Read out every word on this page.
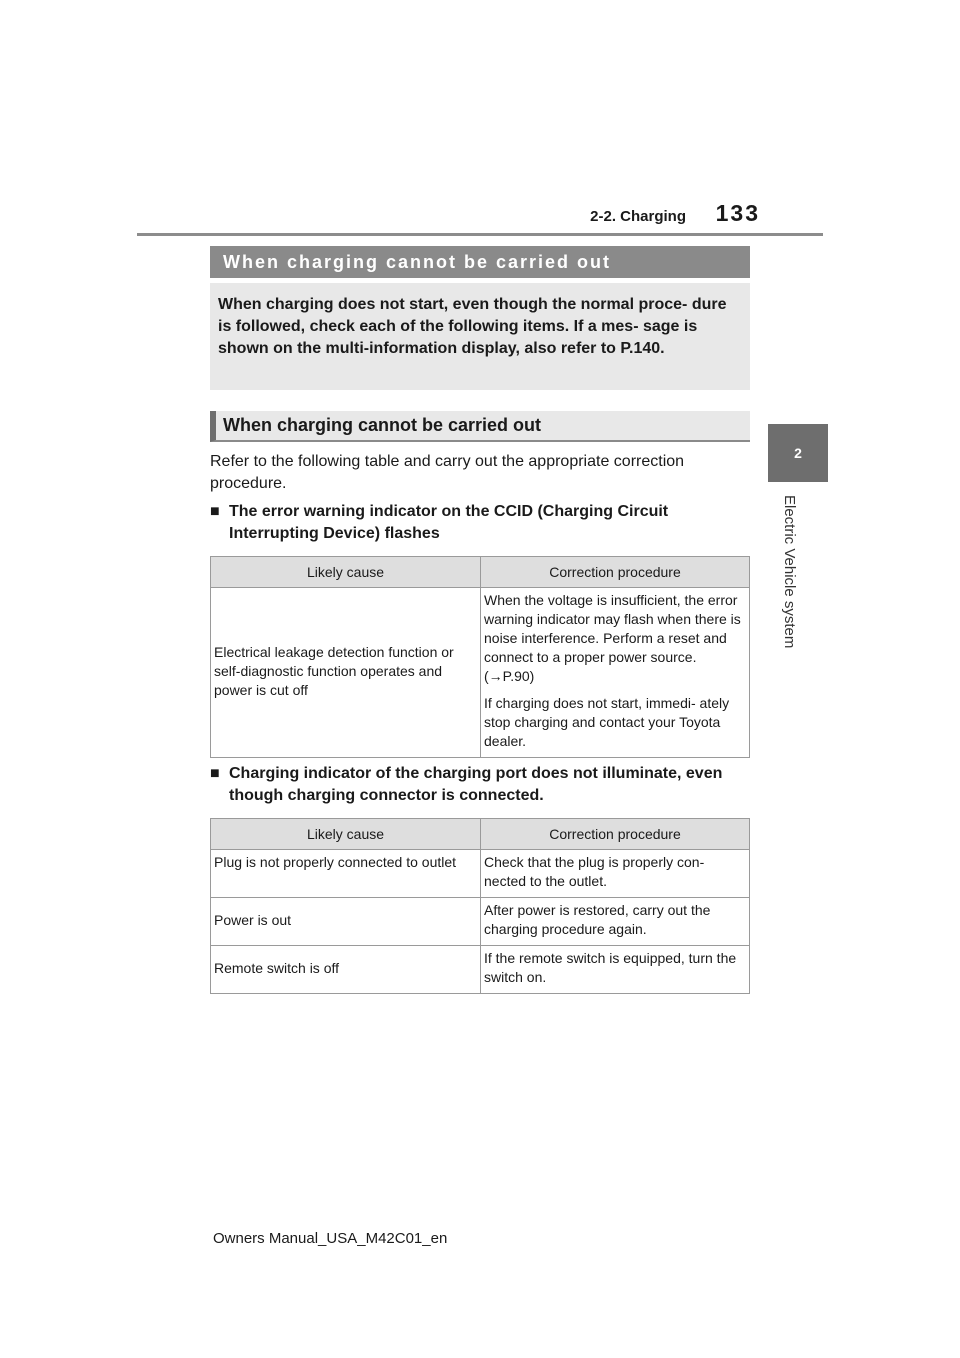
2-2. Charging	133
2
Electric Vehicle system
When charging cannot be carried out
When charging does not start, even though the normal proce- dure is followed, check each of the following items. If a mes- sage is shown on the multi-information display, also refer to P.140.
When charging cannot be carried out
Refer to the following table and carry out the appropriate correction procedure.
■ The error warning indicator on the CCID (Charging Circuit Interrupting Device) flashes
Likely cause	Correction procedure
Electrical leakage detection function or self-diagnostic function operates and power is cut off	When the voltage is insufficient, the error warning indicator may flash when there is noise interference. Perform a reset and connect to a proper power source. (→P.90)

If charging does not start, immedi- ately stop charging and contact your Toyota dealer.

■ Charging indicator of the charging port does not illuminate, even though charging connector is connected.
Likely cause	Correction procedure
Plug is not properly connected to outlet	Check that the plug is properly con- nected to the outlet.
Power is out	After power is restored, carry out the charging procedure again.
Remote switch is off	If the remote switch is equipped, turn the switch on.
Owners Manual_USA_M42C01_en
